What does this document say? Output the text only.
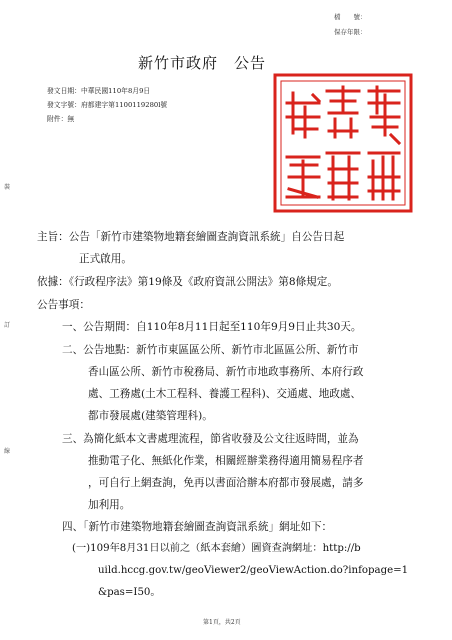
檔　　號：
保存年限：
新竹市政府　公告
發文日期：中華民國110年8月9日
發文字號：府都建字第1100119280l號
附件：無
裝
訂
線
主旨：公告「新竹市建築物地籍套繪圖查詢資訊系統」自公告日起
正式啟用。
依據：《行政程序法》第19條及《政府資訊公開法》第8條規定。
公告事項：
一、公告期間：自110年8月11日起至110年9月9日止共30天。
二、公告地點：新竹市東區區公所、新竹市北區區公所、新竹市
香山區公所、新竹市稅務局、新竹市地政事務所、本府行政
處、工務處(土木工程科、養護工程科)、交通處、地政處、
都市發展處(建築管理科)。
三、為簡化紙本文書處理流程，節省收發及公文往返時間，並為
推動電子化、無紙化作業，相關經辦業務得適用簡易程序者
，可自行上網查詢，免再以書面洽辦本府都市發展處，請多
加利用。
四、「新竹市建築物地籍套繪圖查詢資訊系統」網址如下：
(一)109年8月31日以前之（紙本套繪）圖資查詢網址：http://b
uild.hccg.gov.tw/geoViewer2/geoViewAction.do?infopage=1
&pas=I50。
第1頁，共2頁
